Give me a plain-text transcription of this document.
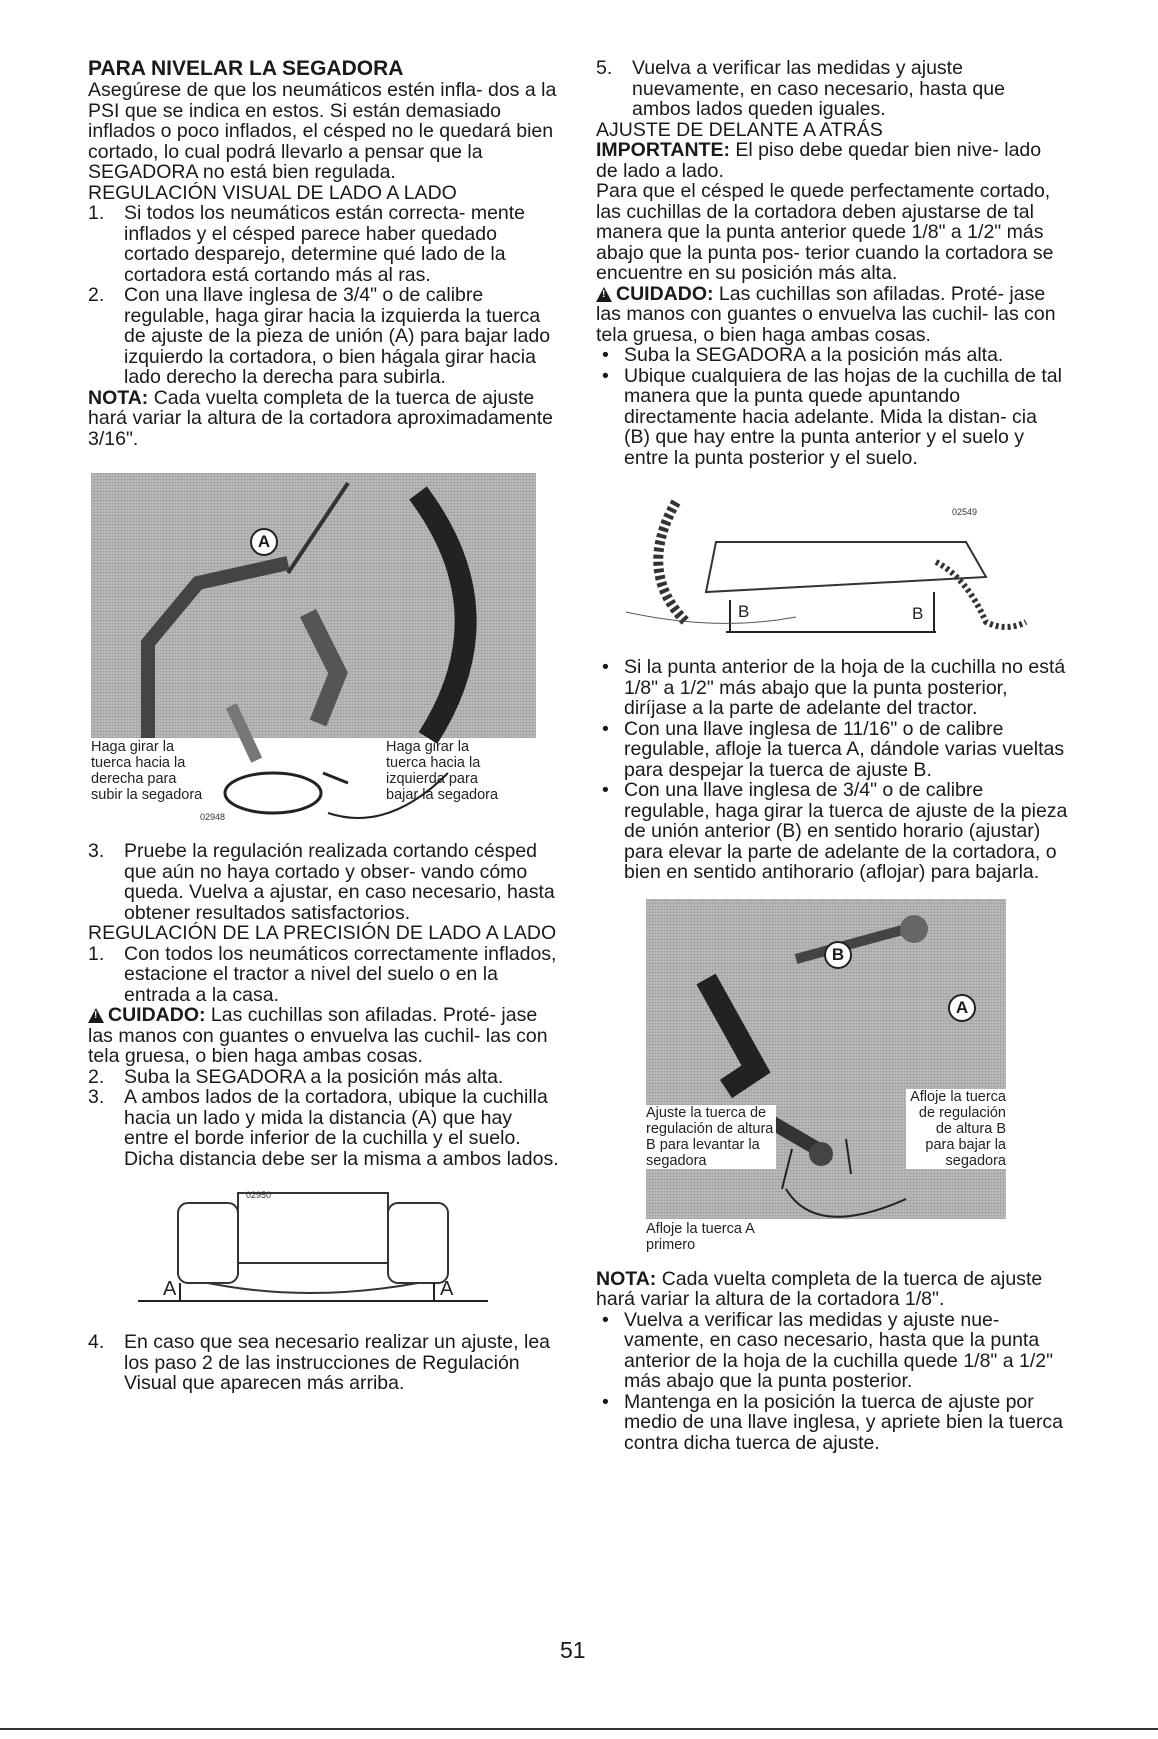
PARA NIVELAR LA SEGADORA

Asegúrese de que los neumáticos estén infla- dos a la PSI que se indica en estos. Si están demasiado inflados o poco inflados, el césped no le quedará bien cortado, lo cual podrá llevarlo a pensar que la SEGADORA no está bien regulada.

REGULACIÓN VISUAL DE LADO A LADO

1. Si todos los neumáticos están correcta- mente inflados y el césped parece haber quedado cortado desparejo, determine qué lado de la cortadora está cortando más al ras.

2. Con una llave inglesa de 3/4" o de calibre regulable, haga girar hacia la izquierda la tuerca de ajuste de la pieza de unión (A) para bajar lado izquierdo la cortadora, o bien hágala girar hacia lado derecho la derecha para subirla.

NOTA: Cada vuelta completa de la tuerca de ajuste hará variar la altura de la cortadora aproximadamente 3/16".

A
Haga girar la tuerca hacia la derecha para subir la segadora
Haga girar la tuerca hacia la izquierda para bajar la segadora
02948

3. Pruebe la regulación realizada cortando césped que aún no haya cortado y obser- vando cómo queda. Vuelva a ajustar, en caso necesario, hasta obtener resultados satisfactorios.

REGULACIÓN DE LA PRECISIÓN DE LADO A LADO

1. Con todos los neumáticos correctamente inflados, estacione el tractor a nivel del suelo o en la entrada a la casa.

!CUIDADO: Las cuchillas son afiladas. Proté- jase las manos con guantes o envuelva las cuchil- las con tela gruesa, o bien haga ambas cosas.

2. Suba la SEGADORA a la posición más alta.

3. A ambos lados de la cortadora, ubique la cuchilla hacia un lado y mida la distancia (A) que hay entre el borde inferior de la cuchilla y el suelo. Dicha distancia debe ser la misma a ambos lados.

A	A
02950

4. En caso que sea necesario realizar un ajuste, lea los paso 2 de las instrucciones de Regulación Visual que aparecen más arriba.

5. Vuelva a verificar las medidas y ajuste nuevamente, en caso necesario, hasta que ambos lados queden iguales.

AJUSTE DE DELANTE A ATRÁS

IMPORTANTE: El piso debe quedar bien nive- lado de lado a lado.

Para que el césped le quede perfectamente cortado, las cuchillas de la cortadora deben ajustarse de tal manera que la punta anterior quede 1/8" a 1/2" más abajo que la punta pos- terior cuando la cortadora se encuentre en su posición más alta.

!CUIDADO: Las cuchillas son afiladas. Proté- jase las manos con guantes o envuelva las cuchil- las con tela gruesa, o bien haga ambas cosas.

• Suba la SEGADORA a la posición más alta.

• Ubique cualquiera de las hojas de la cuchilla de tal manera que la punta quede apuntando directamente hacia adelante. Mida la distan- cia (B) que hay entre la punta anterior y el suelo y entre la punta posterior y el suelo.

B	B
02549

• Si la punta anterior de la hoja de la cuchilla no está 1/8" a 1/2" más abajo que la punta posterior, diríjase a la parte de adelante del tractor.

• Con una llave inglesa de 11/16" o de calibre regulable, afloje la tuerca A, dándole varias vueltas para despejar la tuerca de ajuste B.

• Con una llave inglesa de 3/4" o de calibre regulable, haga girar la tuerca de ajuste de la pieza de unión anterior (B) en sentido horario (ajustar) para elevar la parte de adelante de la cortadora, o bien en sentido antihorario (aflojar) para bajarla.

B
A
Ajuste la tuerca de regulación de altura B para levantar la segadora
Afloje la tuerca de regulación de altura B para bajar la segadora
Afloje la tuerca A primero

NOTA: Cada vuelta completa de la tuerca de ajuste hará variar la altura de la cortadora 1/8".

• Vuelva a verificar las medidas y ajuste nue- vamente, en caso necesario, hasta que la punta anterior de la hoja de la cuchilla quede 1/8" a 1/2" más abajo que la punta posterior.

• Mantenga en la posición la tuerca de ajuste por medio de una llave inglesa, y apriete bien la tuerca contra dicha tuerca de ajuste.

51
